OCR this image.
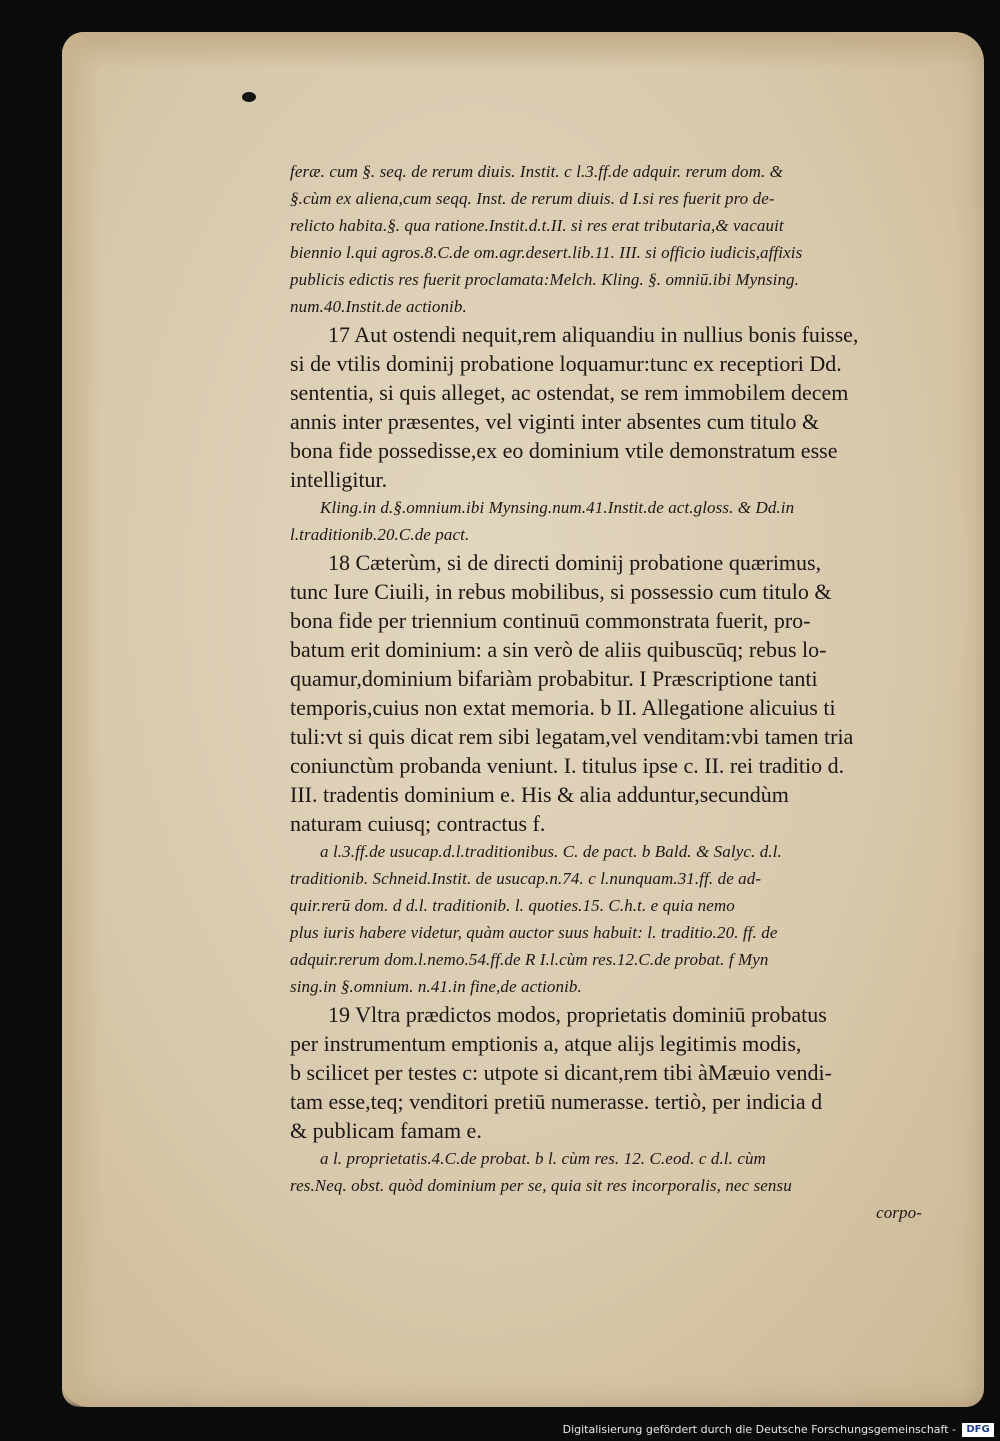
feræ. cum §. seq. de rerum diuis. Instit. c l.3.ff.de adquir. rerum dom. &
§.cùm ex aliena,cum seqq. Inst. de rerum diuis. d I.si res fuerit pro de-
relicto habita.§. qua ratione.Instit.d.t.II. si res erat tributaria,& vacauit
biennio l.qui agros.8.C.de om.agr.desert.lib.11. III. si officio iudicis,affixis
publicis edictis res fuerit proclamata:Melch. Kling. §. omniū.ibi Mynsing.
num.40.Instit.de actionib.
17 Aut ostendi nequit,rem aliquandiu in nullius bonis fuisse,
si de vtilis dominij probatione loquamur:tunc ex receptiori Dd.
sententia, si quis alleget, ac ostendat, se rem immobilem decem
annis inter præsentes, vel viginti inter absentes cum titulo &
bona fide possedisse,ex eo dominium vtile demonstratum esse
intelligitur.
Kling.in d.§.omnium.ibi Mynsing.num.41.Instit.de act.gloss. & Dd.in
l.traditionib.20.C.de pact.
18 Cæterùm, si de directi dominij probatione quærimus,
tunc Iure Ciuili, in rebus mobilibus, si possessio cum titulo &
bona fide per triennium continuū commonstrata fuerit, pro-
batum erit dominium: a sin verò de aliis quibuscūq; rebus lo-
quamur,dominium bifariàm probabitur. I Præscriptione tanti
temporis,cuius non extat memoria. b II. Allegatione alicuius ti
tuli:vt si quis dicat rem sibi legatam,vel venditam:vbi tamen tria
coniunctùm probanda veniunt. I. titulus ipse c. II. rei traditio d.
III. tradentis dominium e. His & alia adduntur,secundùm
naturam cuiusq; contractus f.
a l.3.ff.de usucap.d.l.traditionibus. C. de pact. b Bald. & Salyc. d.l.
traditionib. Schneid.Instit. de usucap.n.74. c l.nunquam.31.ff. de ad-
quir.rerū dom. d d.l. traditionib. l. quoties.15. C.h.t. e quia nemo
plus iuris habere videtur, quàm auctor suus habuit: l. traditio.20. ff. de
adquir.rerum dom.l.nemo.54.ff.de R I.l.cùm res.12.C.de probat. f Myn
sing.in §.omnium. n.41.in fine,de actionib.
19 Vltra prædictos modos, proprietatis dominiū probatus
per instrumentum emptionis a, atque alijs legitimis modis,
b scilicet per testes c: utpote si dicant,rem tibi àMæuio vendi-
tam esse,teq; venditori pretiū numerasse. tertiò, per indicia d
& publicam famam e.
a l. proprietatis.4.C.de probat. b l. cùm res. 12. C.eod. c d.l. cùm
res.Neq. obst. quòd dominium per se, quia sit res incorporalis, nec sensu
corpo-
Digitalisierung gefördert durch die Deutsche Forschungsgemeinschaft -	DFG
